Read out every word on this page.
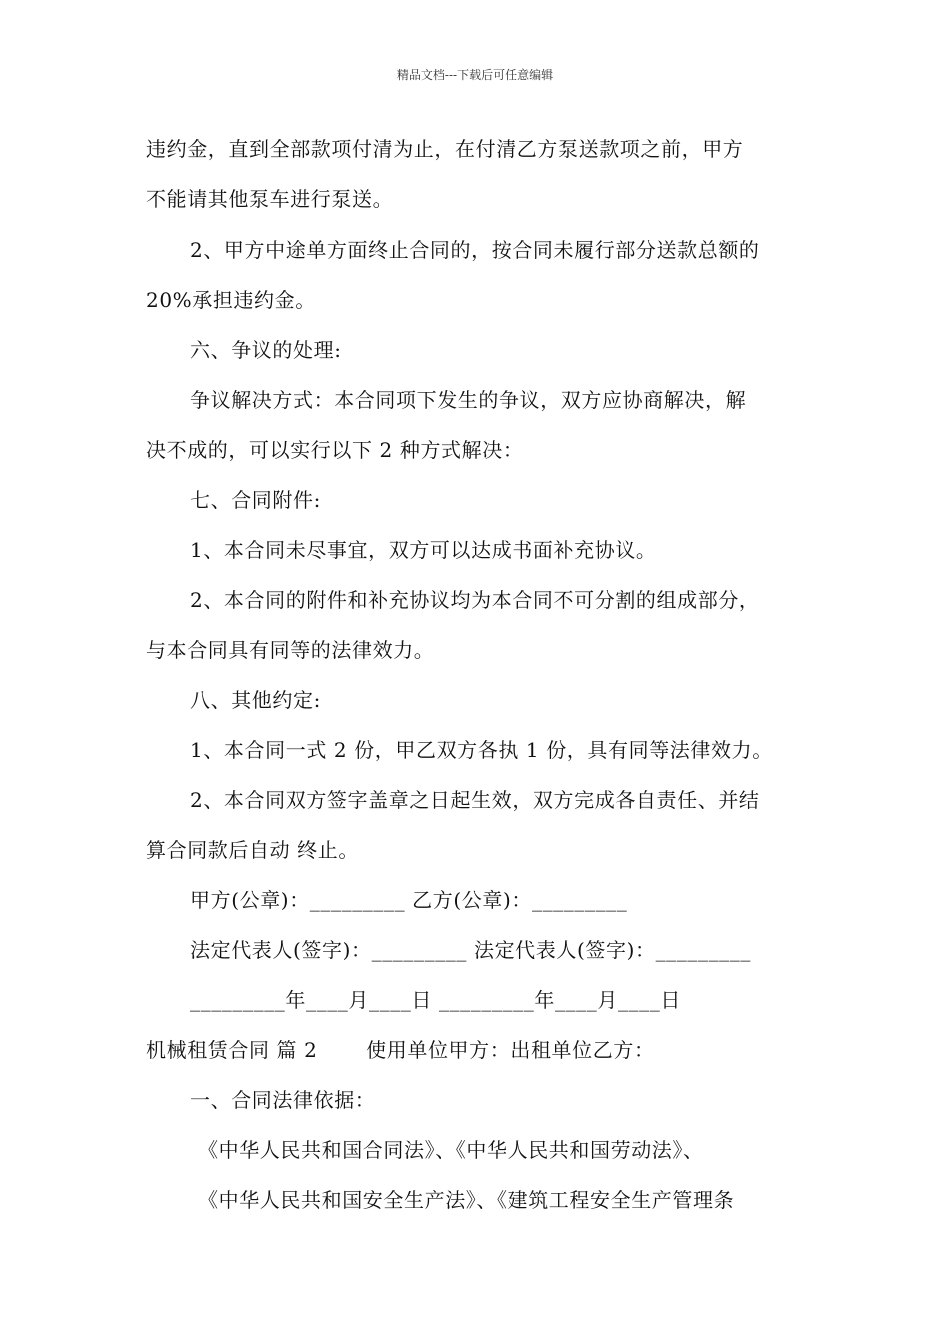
精品文档---下载后可任意编辑
违约金，直到全部款项付清为止，在付清乙方泵送款项之前，甲方
不能请其他泵车进行泵送。
2、甲方中途单方面终止合同的，按合同未履行部分送款总额的
20%承担违约金。
六、争议的处理:
争议解决方式：本合同项下发生的争议，双方应协商解决，解
决不成的，可以实行以下 2 种方式解决：
七、合同附件:
1、本合同未尽事宜，双方可以达成书面补充协议。
2、本合同的附件和补充协议均为本合同不可分割的组成部分，
与本合同具有同等的法律效力。
八、其他约定:
1、本合同一式 2 份，甲乙双方各执 1 份，具有同等法律效力。
2、本合同双方签字盖章之日起生效，双方完成各自责任、并结
算合同款后自动 终止。
甲方(公章)：_________ 乙方(公章)：_________
法定代表人(签字)：_________ 法定代表人(签字)：_________
_________年____月____日 _________年____月____日
机械租赁合同 篇 2       使用单位甲方：出租单位乙方：
一、合同法律依据：
《中华人民共和国合同法》、《中华人民共和国劳动法》、
《中华人民共和国安全生产法》、《建筑工程安全生产管理条
